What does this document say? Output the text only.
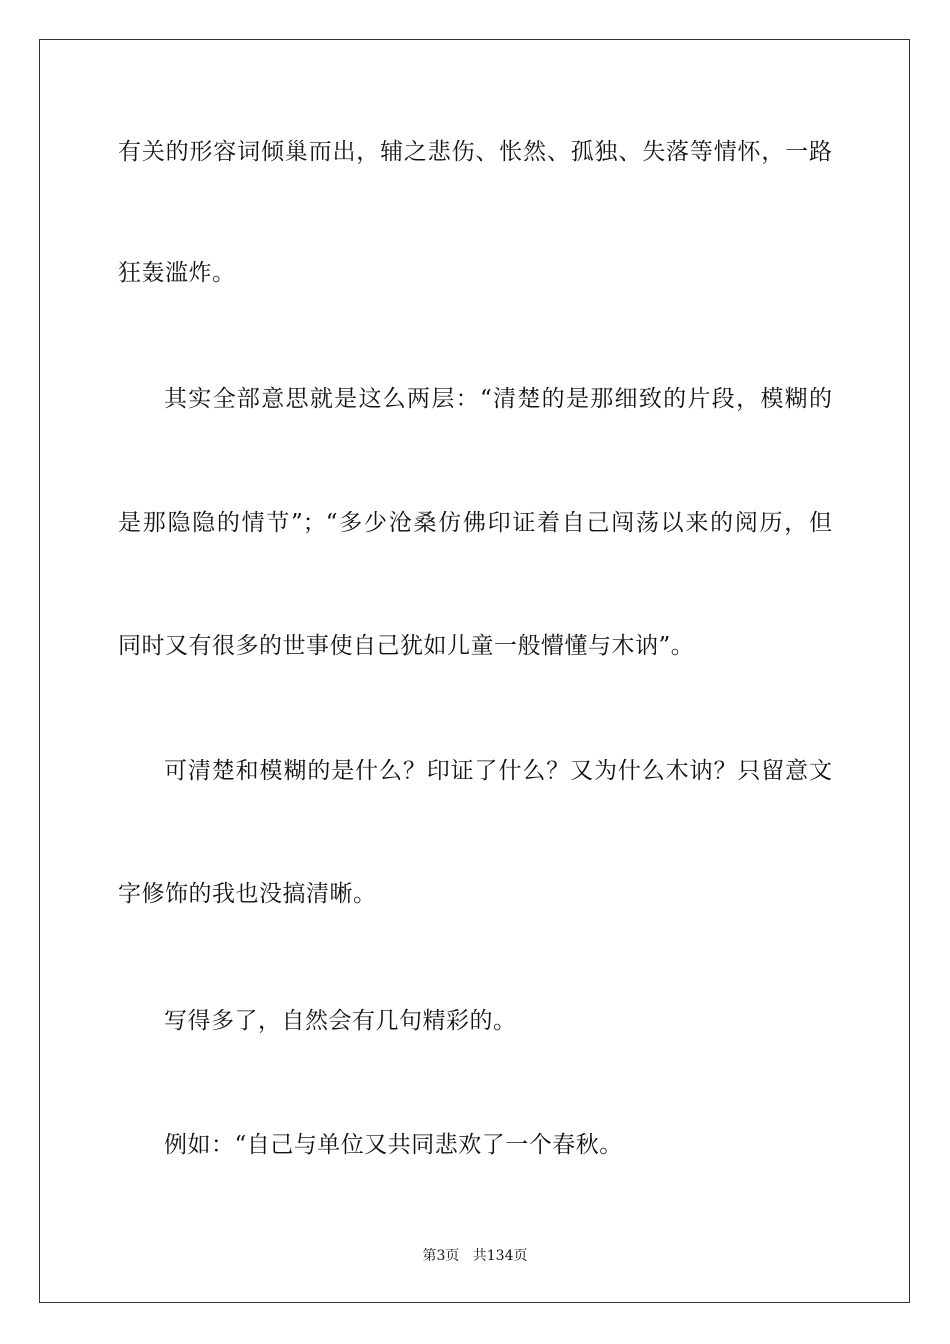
有关的形容词倾巢而出，辅之悲伤、怅然、孤独、失落等情怀，一路
狂轰滥炸。
其实全部意思就是这么两层：“清楚的是那细致的片段，模糊的
是那隐隐的情节”；“多少沧桑仿佛印证着自己闯荡以来的阅历，但
同时又有很多的世事使自己犹如儿童一般懵懂与木讷”。
可清楚和模糊的是什么？印证了什么？又为什么木讷？只留意文
字修饰的我也没搞清晰。
写得多了，自然会有几句精彩的。
例如：“自己与单位又共同悲欢了一个春秋。
第3页 共134页
